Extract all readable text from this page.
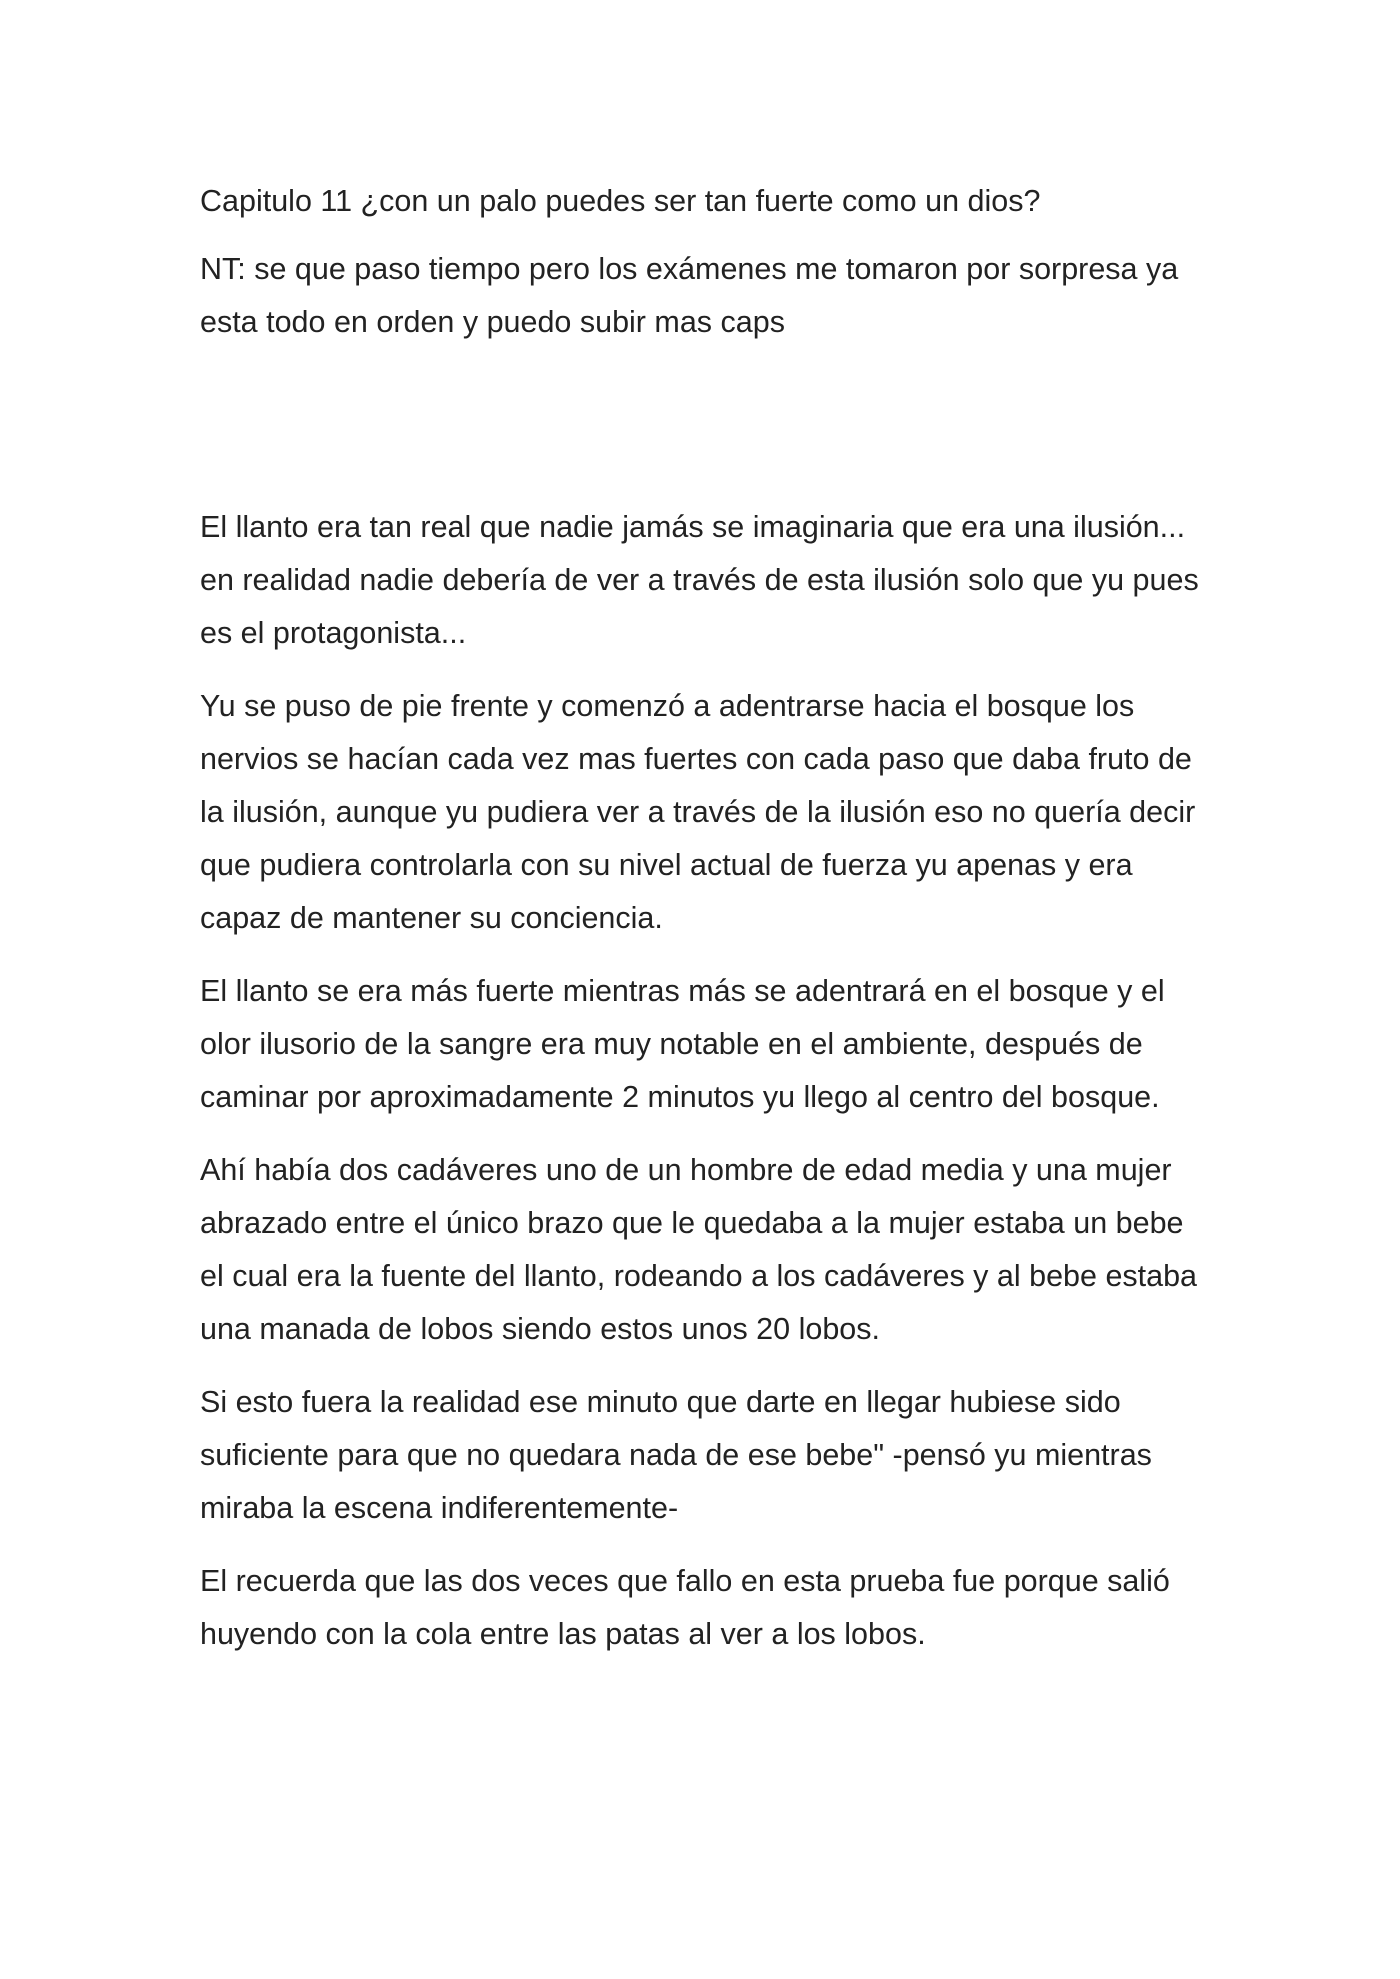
Capitulo 11 ¿con un palo puedes ser tan fuerte como un dios?

NT: se que paso tiempo pero los exámenes me tomaron por sorpresa ya esta todo en orden y puedo subir mas caps

El llanto era tan real que nadie jamás se imaginaria que era una ilusión... en realidad nadie debería de ver a través de esta ilusión solo que yu pues es el protagonista...

Yu se puso de pie frente y comenzó a adentrarse hacia el bosque los nervios se hacían cada vez mas fuertes con cada paso que daba fruto de la ilusión, aunque yu pudiera ver a través de la ilusión eso no quería decir que pudiera controlarla con su nivel actual de fuerza yu apenas y era capaz de mantener su conciencia.

El llanto se era más fuerte mientras más se adentrará en el bosque y el olor ilusorio de la sangre era muy notable en el ambiente, después de caminar por aproximadamente 2 minutos yu llego al centro del bosque.

Ahí había dos cadáveres uno de un hombre de edad media y una mujer abrazado entre el único brazo que le quedaba a la mujer estaba un bebe el cual era la fuente del llanto, rodeando a los cadáveres y al bebe estaba una manada de lobos siendo estos unos 20 lobos.

Si esto fuera la realidad ese minuto que darte en llegar hubiese sido suficiente para que no quedara nada de ese bebe" -pensó yu mientras miraba la escena indiferentemente-

El recuerda que las dos veces que fallo en esta prueba fue porque salió huyendo con la cola entre las patas al ver a los lobos.
